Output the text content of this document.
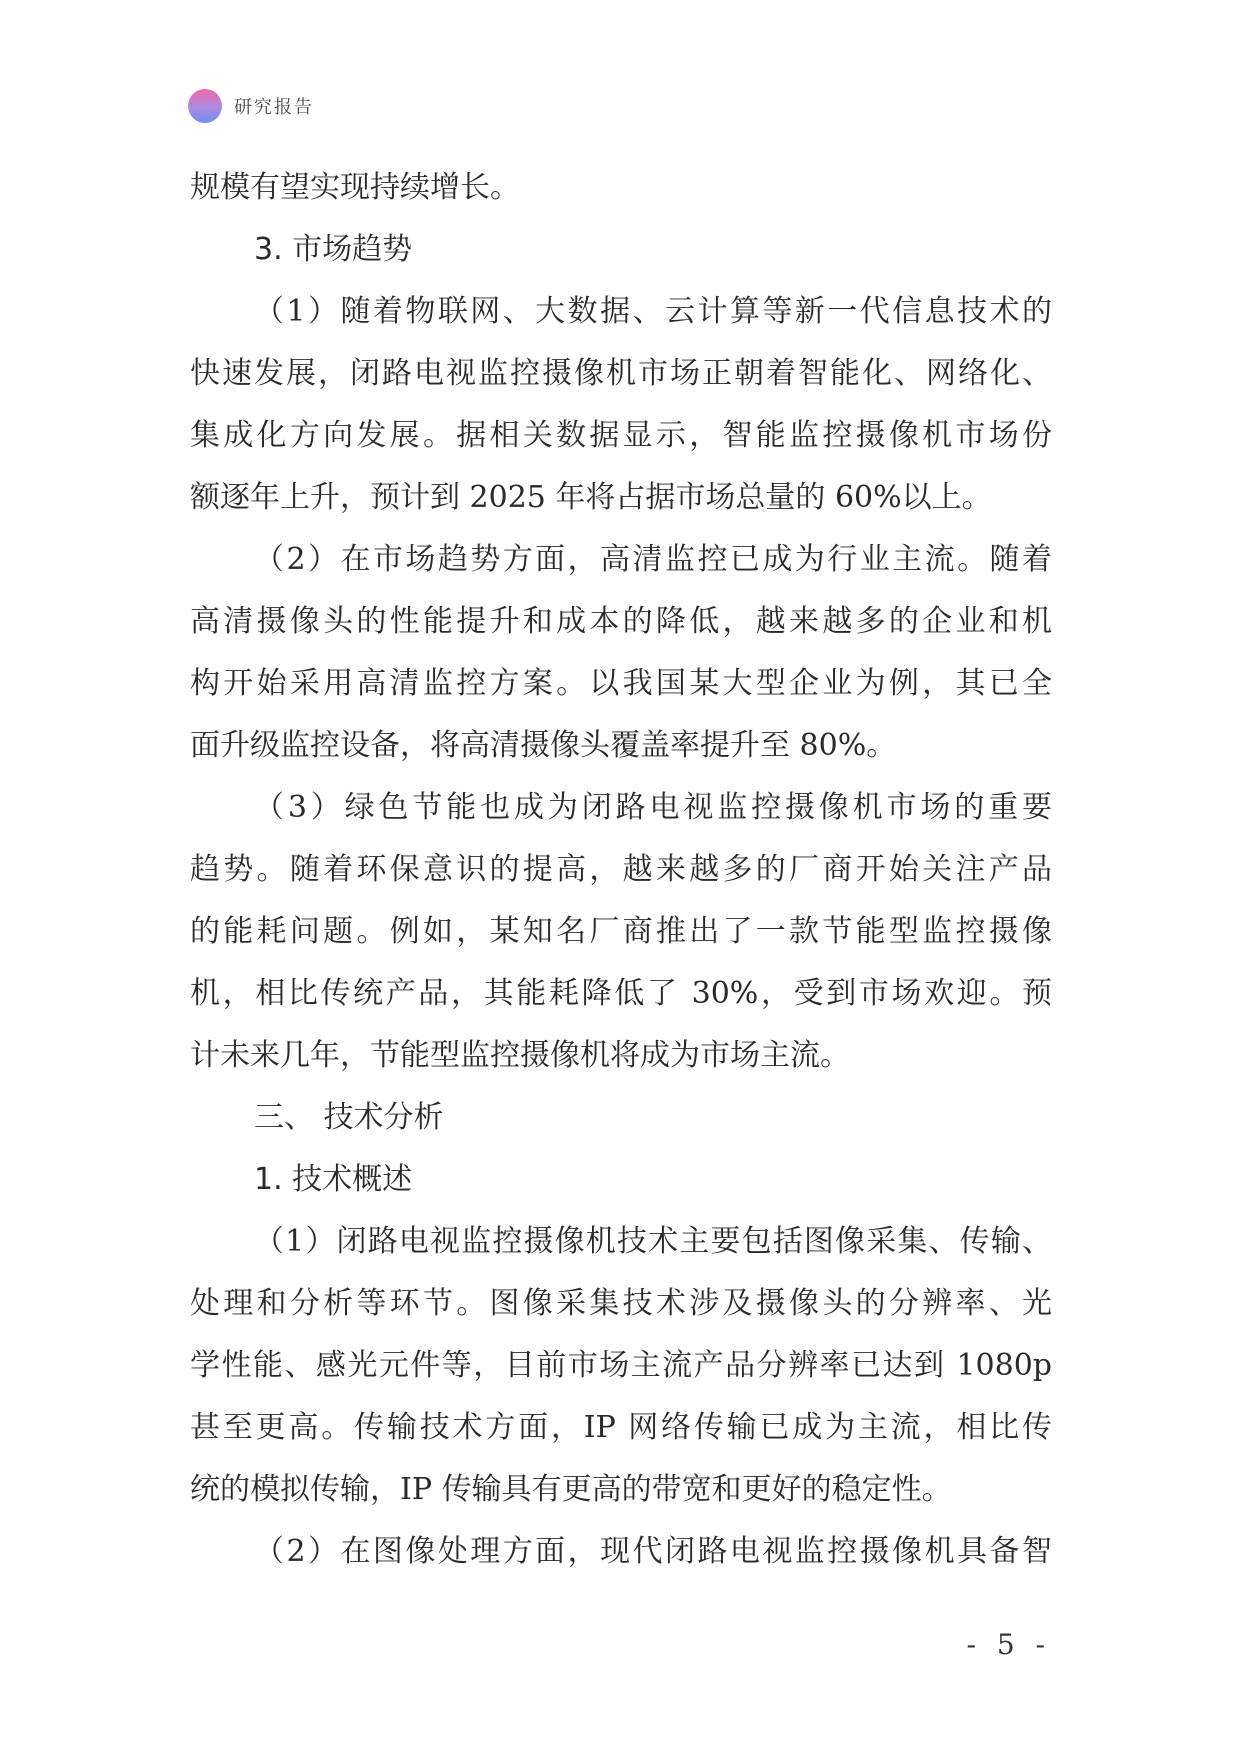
研究报告
规模有望实现持续增长。
3. 市场趋势
（1）随着物联网、大数据、云计算等新一代信息技术的
快速发展，闭路电视监控摄像机市场正朝着智能化、网络化、
集成化方向发展。据相关数据显示，智能监控摄像机市场份
额逐年上升，预计到 2025 年将占据市场总量的 60%以上。
（2）在市场趋势方面，高清监控已成为行业主流。随着
高清摄像头的性能提升和成本的降低，越来越多的企业和机
构开始采用高清监控方案。以我国某大型企业为例，其已全
面升级监控设备，将高清摄像头覆盖率提升至 80%。
（3）绿色节能也成为闭路电视监控摄像机市场的重要
趋势。随着环保意识的提高，越来越多的厂商开始关注产品
的能耗问题。例如，某知名厂商推出了一款节能型监控摄像
机，相比传统产品，其能耗降低了 30%，受到市场欢迎。预
计未来几年，节能型监控摄像机将成为市场主流。
三、 技术分析
1. 技术概述
（1）闭路电视监控摄像机技术主要包括图像采集、传输、
处理和分析等环节。图像采集技术涉及摄像头的分辨率、光
学性能、感光元件等，目前市场主流产品分辨率已达到 1080p
甚至更高。传输技术方面，IP 网络传输已成为主流，相比传
统的模拟传输，IP 传输具有更高的带宽和更好的稳定性。
（2）在图像处理方面，现代闭路电视监控摄像机具备智
- 5 -
